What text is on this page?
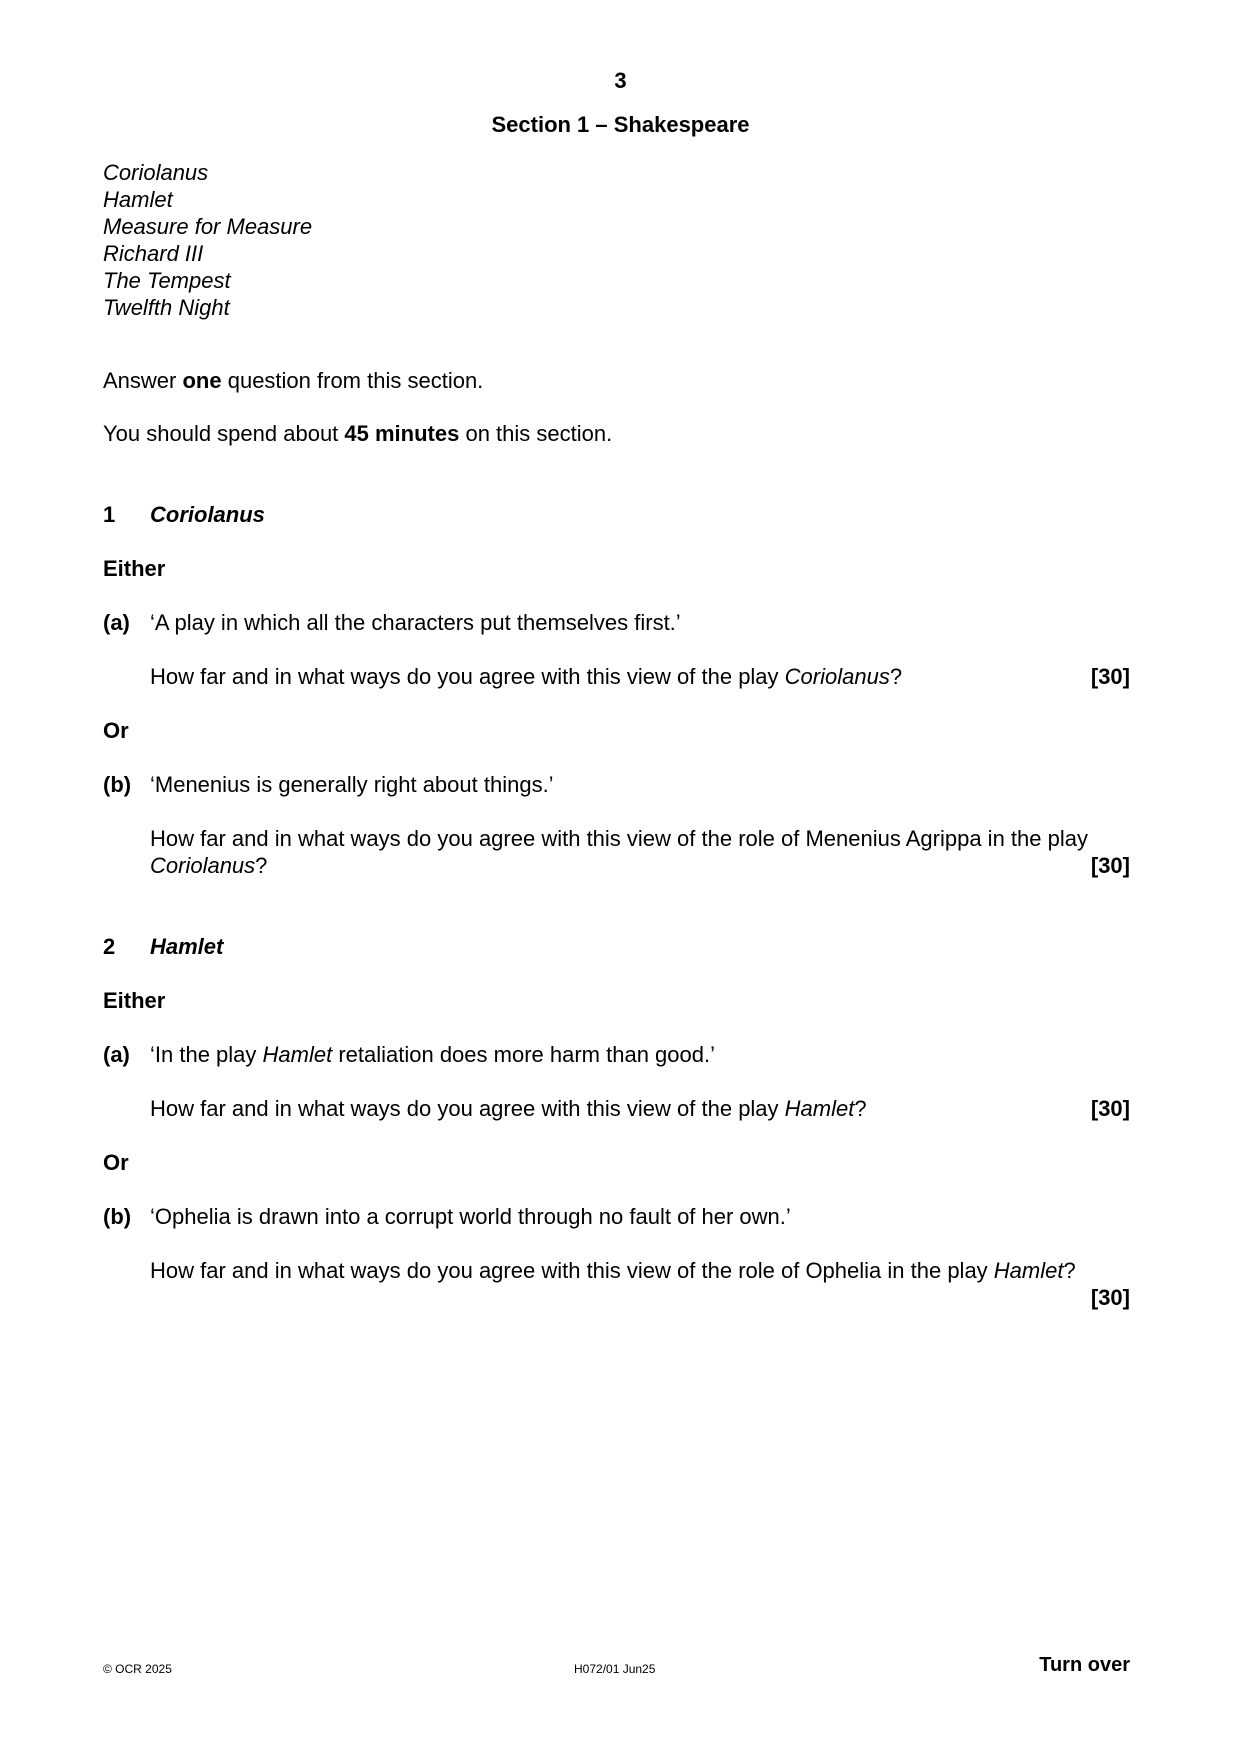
3
Section 1 – Shakespeare
Coriolanus
Hamlet
Measure for Measure
Richard III
The Tempest
Twelfth Night
Answer one question from this section.
You should spend about 45 minutes on this section.
1 Coriolanus
Either
(a) ‘A play in which all the characters put themselves first.’
How far and in what ways do you agree with this view of the play Coriolanus?	[30]
Or
(b) ‘Menenius is generally right about things.’
How far and in what ways do you agree with this view of the role of Menenius Agrippa in the play
Coriolanus?	[30]
2 Hamlet
Either
(a) ‘In the play Hamlet retaliation does more harm than good.’
How far and in what ways do you agree with this view of the play Hamlet?	[30]
Or
(b) ‘Ophelia is drawn into a corrupt world through no fault of her own.’
How far and in what ways do you agree with this view of the role of Ophelia in the play Hamlet?
[30]
© OCR 2025	H072/01 Jun25	Turn over
